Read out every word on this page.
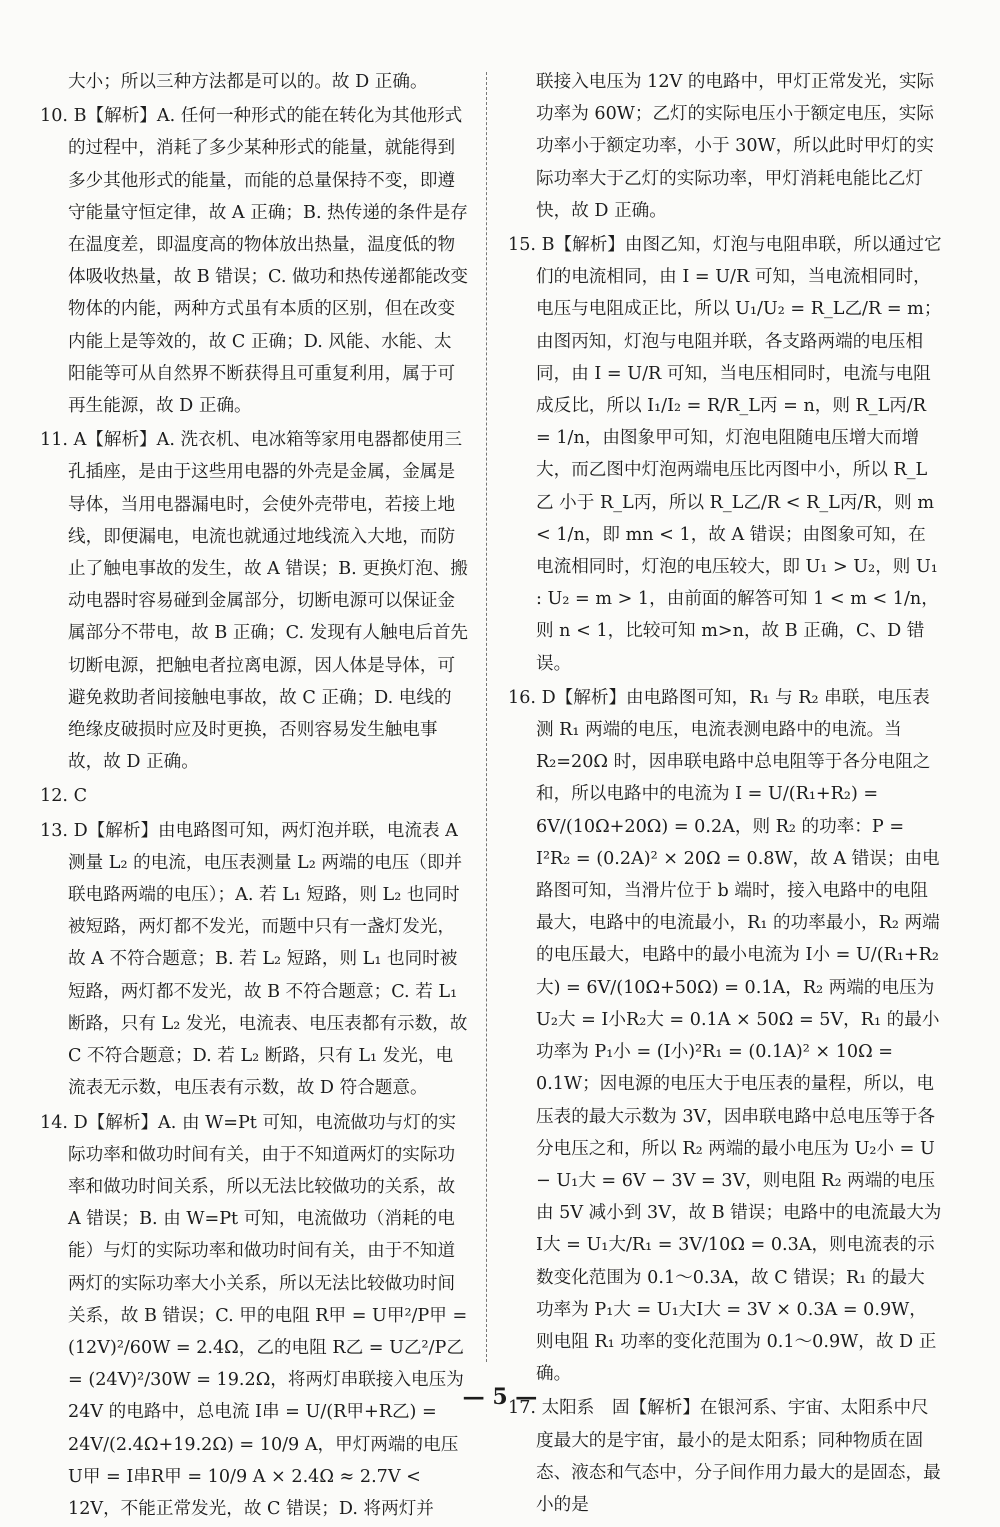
大小；所以三种方法都是可以的。故 D 正确。

10. B【解析】A. 任何一种形式的能在转化为其他形式的过程中，消耗了多少某种形式的能量，就能得到多少其他形式的能量，而能的总量保持不变，即遵守能量守恒定律，故 A 正确；B. 热传递的条件是存在温度差，即温度高的物体放出热量，温度低的物体吸收热量，故 B 错误；C. 做功和热传递都能改变物体的内能，两种方式虽有本质的区别，但在改变内能上是等效的，故 C 正确；D. 风能、水能、太阳能等可从自然界不断获得且可重复利用，属于可再生能源，故 D 正确。

11. A【解析】A. 洗衣机、电冰箱等家用电器都使用三孔插座，是由于这些用电器的外壳是金属，金属是导体，当用电器漏电时，会使外壳带电，若接上地线，即便漏电，电流也就通过地线流入大地，而防止了触电事故的发生，故 A 错误；B. 更换灯泡、搬动电器时容易碰到金属部分，切断电源可以保证金属部分不带电，故 B 正确；C. 发现有人触电后首先切断电源，把触电者拉离电源，因人体是导体，可避免救助者间接触电事故，故 C 正确；D. 电线的绝缘皮破损时应及时更换，否则容易发生触电事故，故 D 正确。

12. C

13. D【解析】由电路图可知，两灯泡并联，电流表 A 测量 L₂ 的电流，电压表测量 L₂ 两端的电压（即并联电路两端的电压）；A. 若 L₁ 短路，则 L₂ 也同时被短路，两灯都不发光，而题中只有一盏灯发光，故 A 不符合题意；B. 若 L₂ 短路，则 L₁ 也同时被短路，两灯都不发光，故 B 不符合题意；C. 若 L₁ 断路，只有 L₂ 发光，电流表、电压表都有示数，故 C 不符合题意；D. 若 L₂ 断路，只有 L₁ 发光，电流表无示数，电压表有示数，故 D 符合题意。

14. D【解析】A. 由 W=Pt 可知，电流做功与灯的实际功率和做功时间有关，由于不知道两灯的实际功率和做功时间关系，所以无法比较做功的关系，故 A 错误；B. 由 W=Pt 可知，电流做功（消耗的电能）与灯的实际功率和做功时间有关，由于不知道两灯的实际功率大小关系，所以无法比较做功时间关系，故 B 错误；C. 甲的电阻 R甲 = U甲²/P甲 = (12V)²/60W = 2.4Ω，乙的电阻 R乙 = U乙²/P乙 = (24V)²/30W = 19.2Ω，将两灯串联接入电压为 24V 的电路中，总电流 I串 = U/(R甲+R乙) = 24V/(2.4Ω+19.2Ω) = 10/9 A，甲灯两端的电压 U甲 = I串R甲 = 10/9 A × 2.4Ω ≈ 2.7V < 12V，不能正常发光，故 C 错误；D. 将两灯并

联接入电压为 12V 的电路中，甲灯正常发光，实际功率为 60W；乙灯的实际电压小于额定电压，实际功率小于额定功率，小于 30W，所以此时甲灯的实际功率大于乙灯的实际功率，甲灯消耗电能比乙灯快，故 D 正确。

15. B【解析】由图乙知，灯泡与电阻串联，所以通过它们的电流相同，由 I = U/R 可知，当电流相同时，电压与电阻成正比，所以 U₁/U₂ = R_L乙/R = m；由图丙知，灯泡与电阻并联，各支路两端的电压相同，由 I = U/R 可知，当电压相同时，电流与电阻成反比，所以 I₁/I₂ = R/R_L丙 = n，则 R_L丙/R = 1/n，由图象甲可知，灯泡电阻随电压增大而增大，而乙图中灯泡两端电压比丙图中小，所以 R_L乙 小于 R_L丙，所以 R_L乙/R < R_L丙/R，则 m < 1/n，即 mn < 1，故 A 错误；由图象可知，在电流相同时，灯泡的电压较大，即 U₁ > U₂，则 U₁ : U₂ = m > 1，由前面的解答可知 1 < m < 1/n，则 n < 1，比较可知 m>n，故 B 正确，C、D 错误。

16. D【解析】由电路图可知，R₁ 与 R₂ 串联，电压表测 R₁ 两端的电压，电流表测电路中的电流。当 R₂=20Ω 时，因串联电路中总电阻等于各分电阻之和，所以电路中的电流为 I = U/(R₁+R₂) = 6V/(10Ω+20Ω) = 0.2A，则 R₂ 的功率：P = I²R₂ = (0.2A)² × 20Ω = 0.8W，故 A 错误；由电路图可知，当滑片位于 b 端时，接入电路中的电阻最大，电路中的电流最小，R₁ 的功率最小，R₂ 两端的电压最大，电路中的最小电流为 I小 = U/(R₁+R₂大) = 6V/(10Ω+50Ω) = 0.1A，R₂ 两端的电压为 U₂大 = I小R₂大 = 0.1A × 50Ω = 5V，R₁ 的最小功率为 P₁小 = (I小)²R₁ = (0.1A)² × 10Ω = 0.1W；因电源的电压大于电压表的量程，所以，电压表的最大示数为 3V，因串联电路中总电压等于各分电压之和，所以 R₂ 两端的最小电压为 U₂小 = U − U₁大 = 6V − 3V = 3V，则电阻 R₂ 两端的电压由 5V 减小到 3V，故 B 错误；电路中的电流最大为 I大 = U₁大/R₁ = 3V/10Ω = 0.3A，则电流表的示数变化范围为 0.1～0.3A，故 C 错误；R₁ 的最大功率为 P₁大 = U₁大I大 = 3V × 0.3A = 0.9W，则电阻 R₁ 功率的变化范围为 0.1～0.9W，故 D 正确。

17. 太阳系　固【解析】在银河系、宇宙、太阳系中尺度最大的是宇宙，最小的是太阳系；同种物质在固态、液态和气态中，分子间作用力最大的是固态，最小的是

— 5 —
